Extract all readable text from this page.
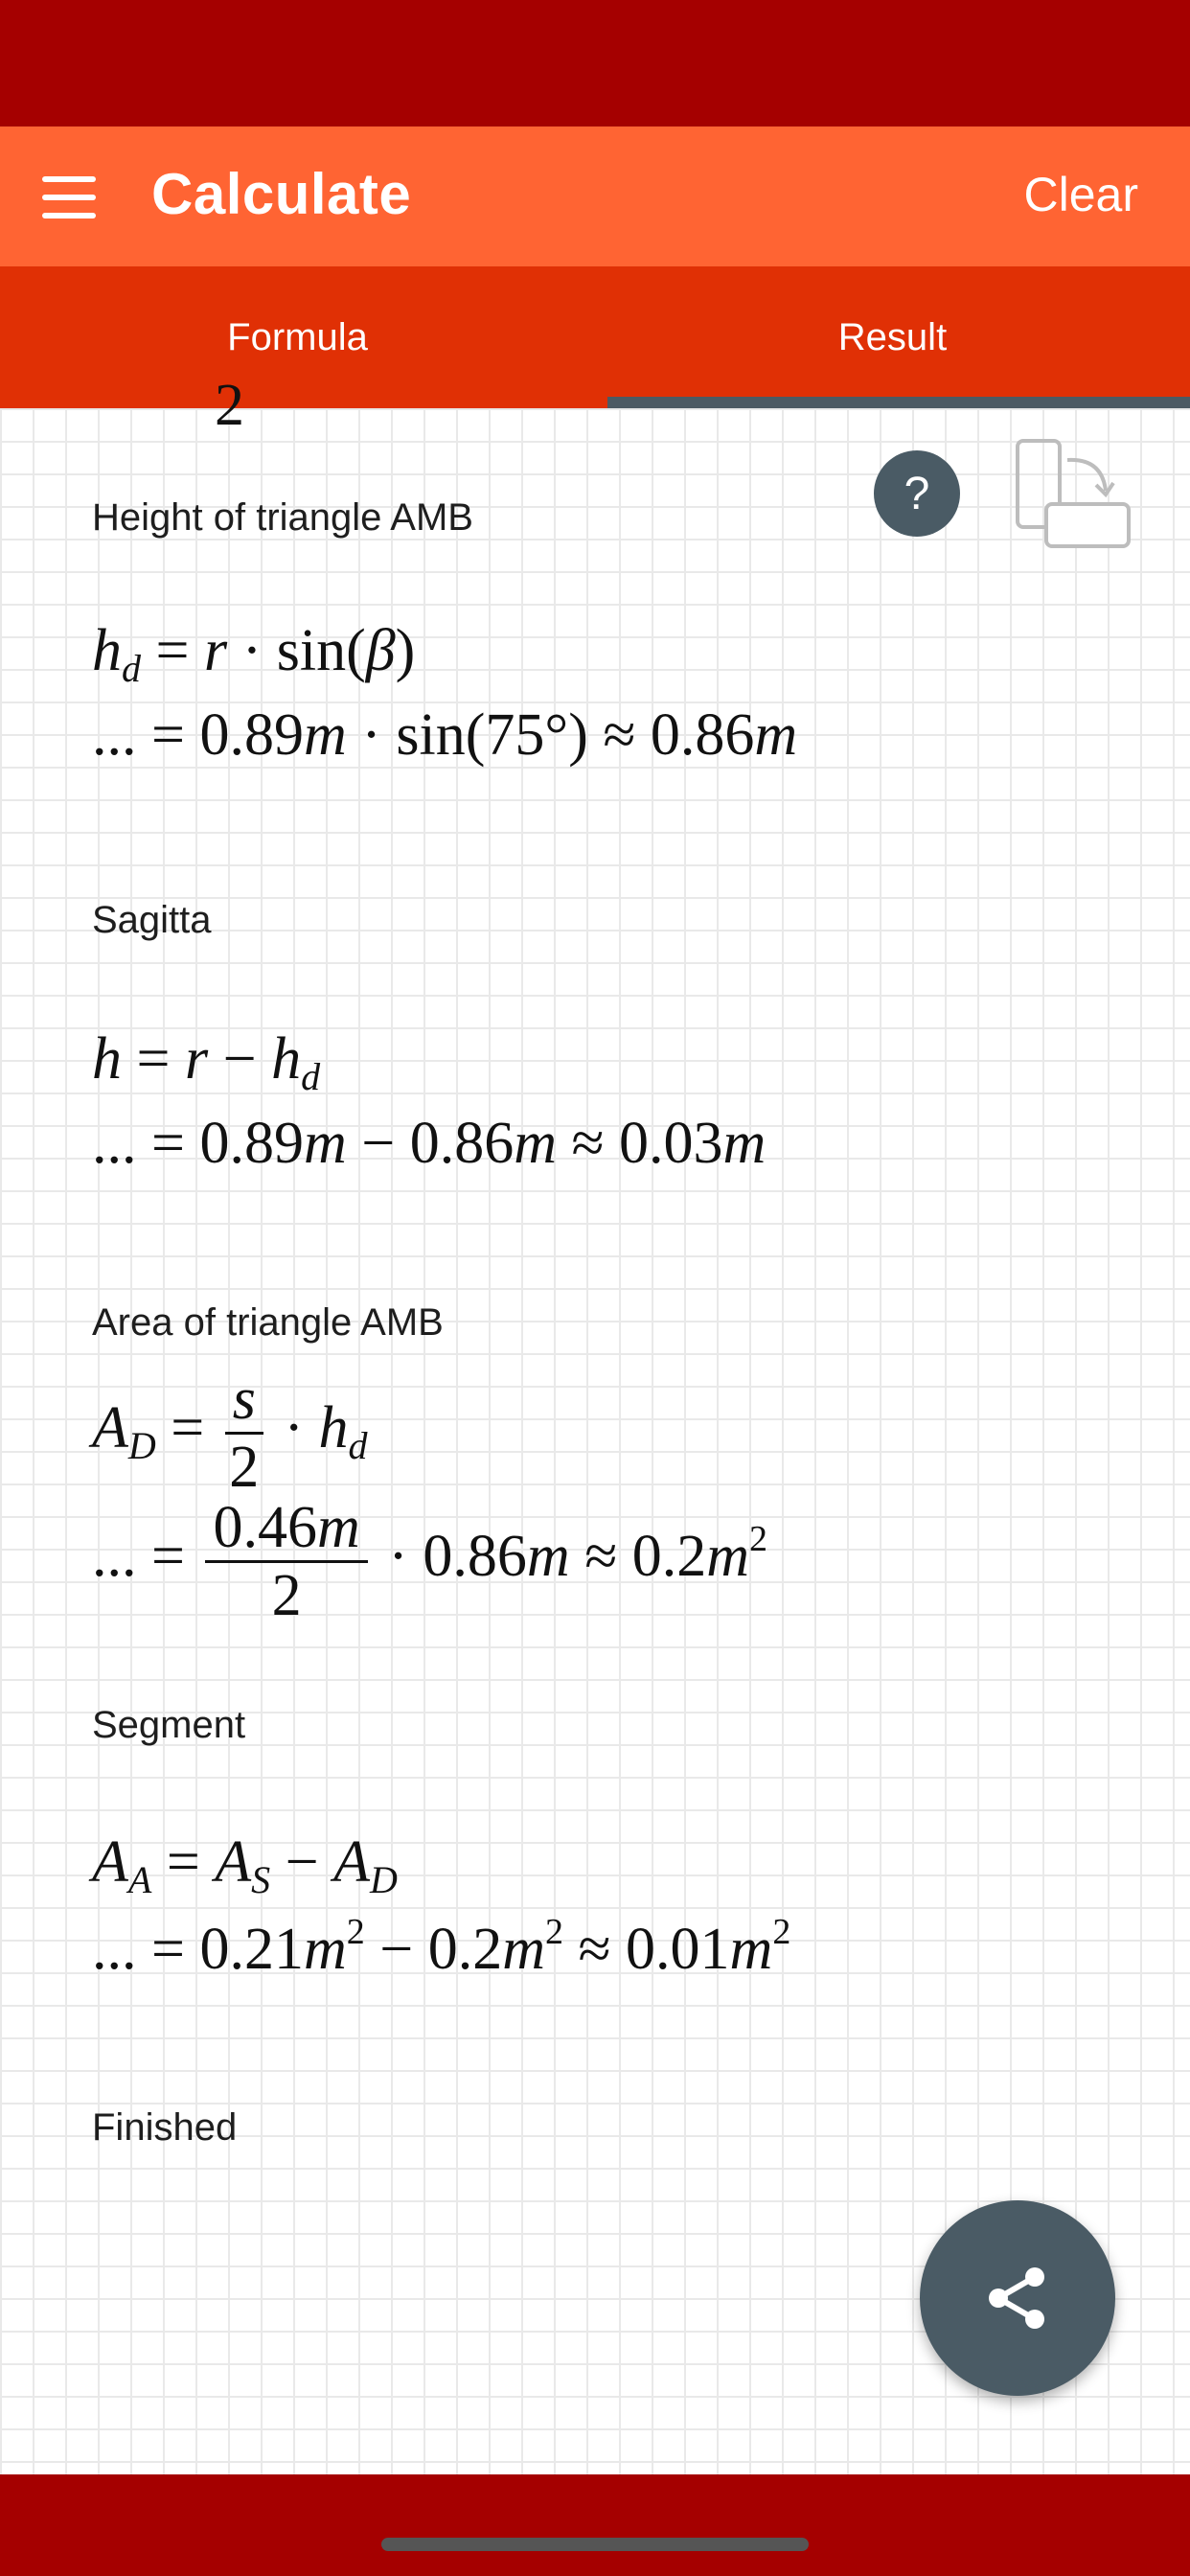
Calculate	Clear
Formula	Result
2
Height of triangle AMB
$h_d = r \cdot \sin(\beta)$
... = 0.89m · sin(75°) ≈ 0.86m
Sagitta
$h = r - h_d$
... = 0.89m − 0.86m ≈ 0.03m
Area of triangle AMB
$A_D = \frac{s}{2} \cdot h_d$
... = $\frac{0.46m}{2} \cdot 0.86m \approx 0.2m^2$
Segment
$A_A = A_S - A_D$
... = $0.21m^2 - 0.2m^2 \approx 0.01m^2$
Finished
?
